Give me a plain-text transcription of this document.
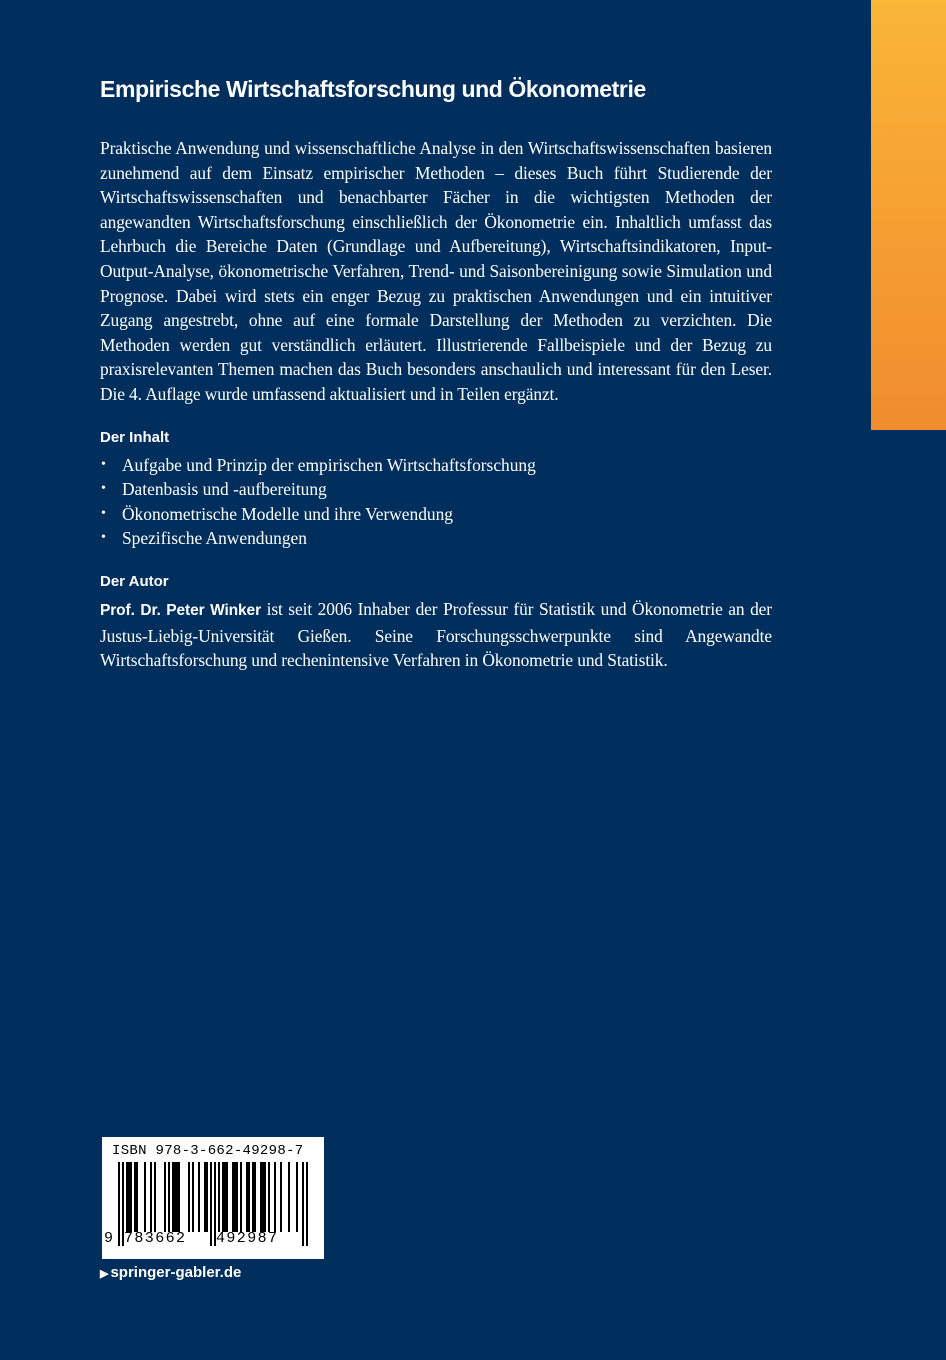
Empirische Wirtschaftsforschung und Ökonometrie

Praktische Anwendung und wissenschaftliche Analyse in den Wirtschaftswissenschaften basieren zunehmend auf dem Einsatz empirischer Methoden – dieses Buch führt Studierende der Wirtschaftswissenschaften und benachbarter Fächer in die wichtigsten Methoden der angewandten Wirtschaftsforschung einschließlich der Ökonometrie ein. Inhaltlich umfasst das Lehrbuch die Bereiche Daten (Grundlage und Aufbereitung), Wirtschaftsindikatoren, Input-Output-Analyse, ökonometrische Verfahren, Trend- und Saisonbereinigung sowie Simulation und Prognose. Dabei wird stets ein enger Bezug zu praktischen Anwendungen und ein intuitiver Zugang angestrebt, ohne auf eine formale Darstellung der Methoden zu verzichten. Die Methoden werden gut verständlich erläutert. Illustrierende Fallbeispiele und der Bezug zu praxisrelevanten Themen machen das Buch besonders anschaulich und interessant für den Leser. Die 4. Auflage wurde umfassend aktualisiert und in Teilen ergänzt.

Der Inhalt
• Aufgabe und Prinzip der empirischen Wirtschaftsforschung
• Datenbasis und -aufbereitung
• Ökonometrische Modelle und ihre Verwendung
• Spezifische Anwendungen
Der Autor

Prof. Dr. Peter Winker ist seit 2006 Inhaber der Professur für Statistik und Ökonometrie an der Justus-Liebig-Universität Gießen. Seine Forschungsschwerpunkte sind Angewandte Wirtschaftsforschung und rechenintensive Verfahren in Ökonometrie und Statistik.

ISBN 978-3-662-49298-7
9 783662 492987
▶ springer-gabler.de
